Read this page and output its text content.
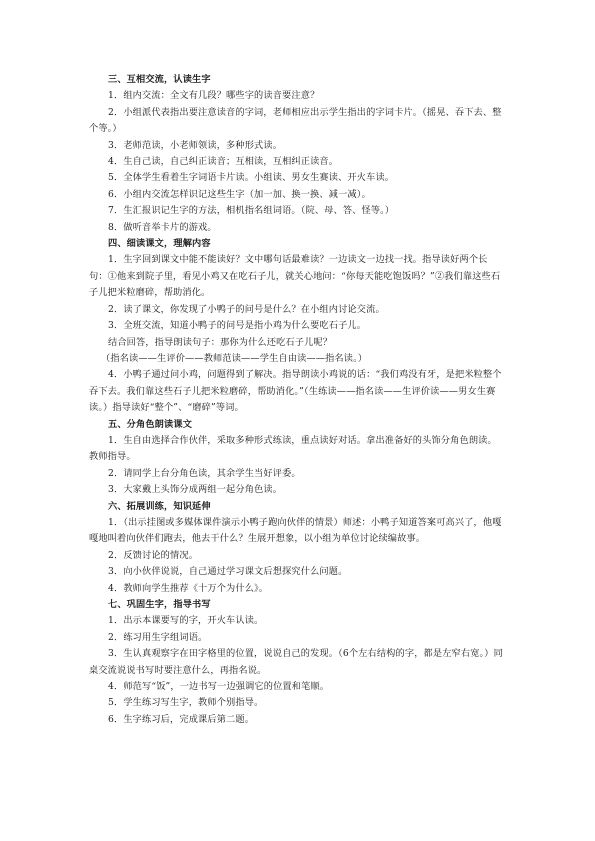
三、互相交流，认读生字

1．组内交流：全文有几段？哪些字的读音要注意？

2．小组派代表指出要注意读音的字词，老师相应出示学生指出的字词卡片。（摇晃、吞下去、整个等。）

3．老师范读，小老师领读，多种形式读。

4．生自己读，自己纠正读音；互相读，互相纠正读音。

5．全体学生看着生字词语卡片读。小组读、男女生赛读、开火车读。

6．小组内交流怎样识记这些生字（加一加、换一换、减一减）。

7．生汇报识记生字的方法，相机指名组词语。（院、母、答、怪等。）

8．做听音举卡片的游戏。

四、细读课文，理解内容

1．生字回到课文中能不能读好？文中哪句话最难读？一边读文一边找一找。指导读好两个长句：①他来到院子里，看见小鸡又在吃石子儿，就关心地问：“你每天能吃饱饭吗？”②我们靠这些石子儿把米粒磨碎，帮助消化。

2．读了课文，你发现了小鸭子的问号是什么？在小组内讨论交流。

3．全班交流，知道小鸭子的问号是指小鸡为什么要吃石子儿。

结合回答，指导朗读句子：那你为什么还吃石子儿呢？

（指名读——生评价——教师范读——学生自由读——指名读。）

4．小鸭子通过问小鸡，问题得到了解决。指导朗读小鸡说的话：“我们鸡没有牙，是把米粒整个吞下去。我们靠这些石子儿把米粒磨碎，帮助消化。”（生练读——指名读——生评价读——男女生赛读。）指导读好“整个”、“磨碎”等词。

五、分角色朗读课文

1．生自由选择合作伙伴，采取多种形式练读，重点读好对话。拿出准备好的头饰分角色朗读。教师指导。

2．请同学上台分角色读，其余学生当好评委。

3．大家戴上头饰分成两组一起分角色读。

六、拓展训练，知识延伸

1．（出示挂图或多媒体课件演示小鸭子跑向伙伴的情景）师述：小鸭子知道答案可高兴了，他嘎嘎地叫着向伙伴们跑去，他去干什么？生展开想象，以小组为单位讨论续编故事。

2．反馈讨论的情况。

3．向小伙伴说说，自己通过学习课文后想探究什么问题。

4．教师向学生推荐《十万个为什么》。

七、巩固生字，指导书写

1．出示本课要写的字，开火车认读。

2．练习用生字组词语。

3．生认真观察字在田字格里的位置，说说自己的发现。（6个左右结构的字，都是左窄右宽。）同桌交流说说书写时要注意什么，再指名说。

4．师范写“饭”，一边书写一边强调它的位置和笔顺。

5．学生练习写生字，教师个别指导。

6．生字练习后，完成课后第二题。
